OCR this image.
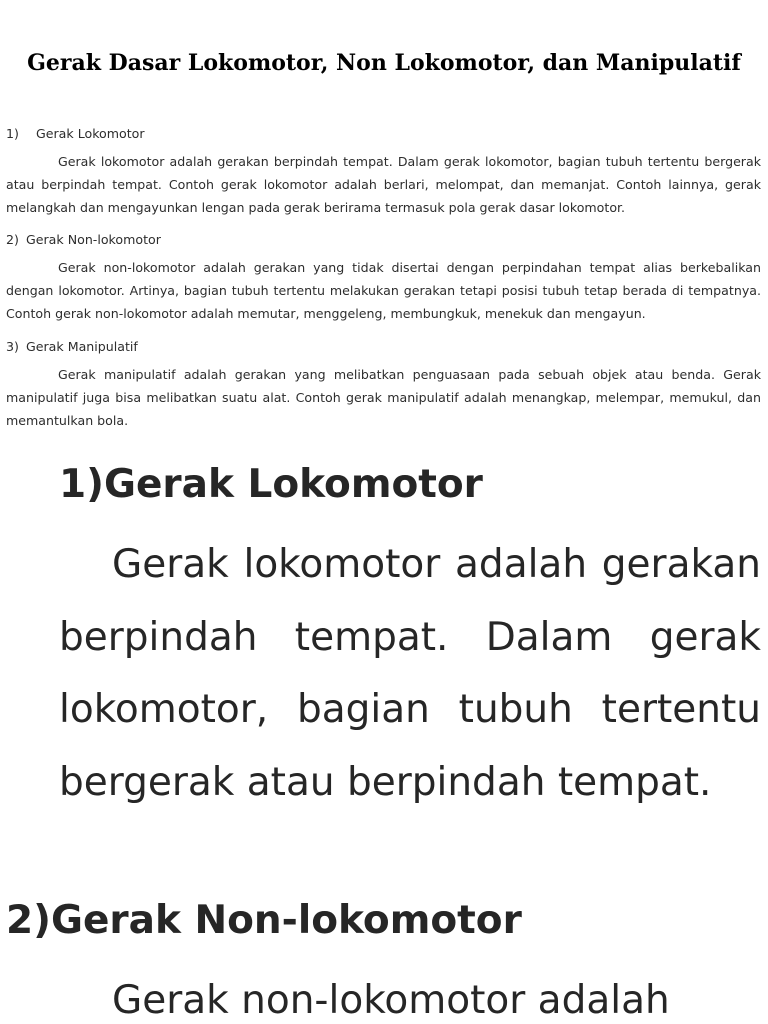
Gerak Dasar Lokomotor, Non Lokomotor, dan Manipulatif

1) Gerak Lokomotor

Gerak lokomotor adalah gerakan berpindah tempat. Dalam gerak lokomotor, bagian tubuh tertentu bergerak atau berpindah tempat. Contoh gerak lokomotor adalah berlari, melompat, dan memanjat. Contoh lainnya, gerak melangkah dan mengayunkan lengan pada gerak berirama termasuk pola gerak dasar lokomotor.

2) Gerak Non-lokomotor

Gerak non-lokomotor adalah gerakan yang tidak disertai dengan perpindahan tempat alias berkebalikan dengan lokomotor. Artinya, bagian tubuh tertentu melakukan gerakan tetapi posisi tubuh tetap berada di tempatnya. Contoh gerak non-lokomotor adalah memutar, menggeleng, membungkuk, menekuk dan mengayun.

3) Gerak Manipulatif

Gerak manipulatif adalah gerakan yang melibatkan penguasaan pada sebuah objek atau benda. Gerak manipulatif juga bisa melibatkan suatu alat. Contoh gerak manipulatif adalah menangkap, melempar, memukul, dan memantulkan bola.

1)Gerak Lokomotor

Gerak lokomotor adalah gerakan berpindah tempat. Dalam gerak lokomotor, bagian tubuh tertentu bergerak atau berpindah tempat.

2)Gerak Non-lokomotor

Gerak non-lokomotor adalah
